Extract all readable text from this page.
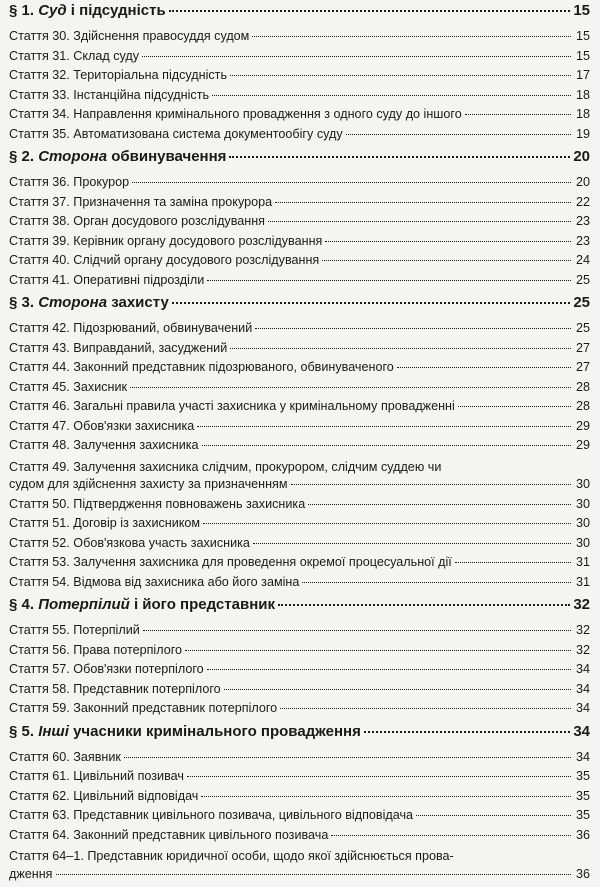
§ 1. Суд і підсудність	15
Стаття 30. Здійснення правосуддя судом	15
Стаття 31. Склад суду	15
Стаття 32. Територіальна підсудність	17
Стаття 33. Інстанційна підсудність	18
Стаття 34. Направлення кримінального провадження з одного суду до іншого	18
Стаття 35. Автоматизована система документообігу суду	19
§ 2. Сторона обвинувачення	20
Стаття 36. Прокурор	20
Стаття 37. Призначення та заміна прокурора	22
Стаття 38. Орган досудового розслідування	23
Стаття 39. Керівник органу досудового розслідування	23
Стаття 40. Слідчий органу досудового розслідування	24
Стаття 41. Оперативні підрозділи	25
§ 3. Сторона захисту	25
Стаття 42. Підозрюваний, обвинувачений	25
Стаття 43. Виправданий, засуджений	27
Стаття 44. Законний представник підозрюваного, обвинуваченого	27
Стаття 45. Захисник	28
Стаття 46. Загальні правила участі захисника у кримінальному провадженні	28
Стаття 47. Обов'язки захисника	29
Стаття 48. Залучення захисника	29
Стаття 49. Залучення захисника слідчим, прокурором, слідчим суддею чи
судом для здійснення захисту за призначенням	30
Стаття 50. Підтвердження повноважень захисника	30
Стаття 51. Договір із захисником	30
Стаття 52. Обов'язкова участь захисника	30
Стаття 53. Залучення захисника для проведення окремої процесуальної дії	31
Стаття 54. Відмова від захисника або його заміна	31
§ 4. Потерпілий і його представник	32
Стаття 55. Потерпілий	32
Стаття 56. Права потерпілого	32
Стаття 57. Обов'язки потерпілого	34
Стаття 58. Представник потерпілого	34
Стаття 59. Законний представник потерпілого	34
§ 5. Інші учасники кримінального провадження	34
Стаття 60. Заявник	34
Стаття 61. Цивільний позивач	35
Стаття 62. Цивільний відповідач	35
Стаття 63. Представник цивільного позивача, цивільного відповідача	35
Стаття 64. Законний представник цивільного позивача	36
Стаття 64–1. Представник юридичної особи, щодо якої здійснюється прова-
дження	36
